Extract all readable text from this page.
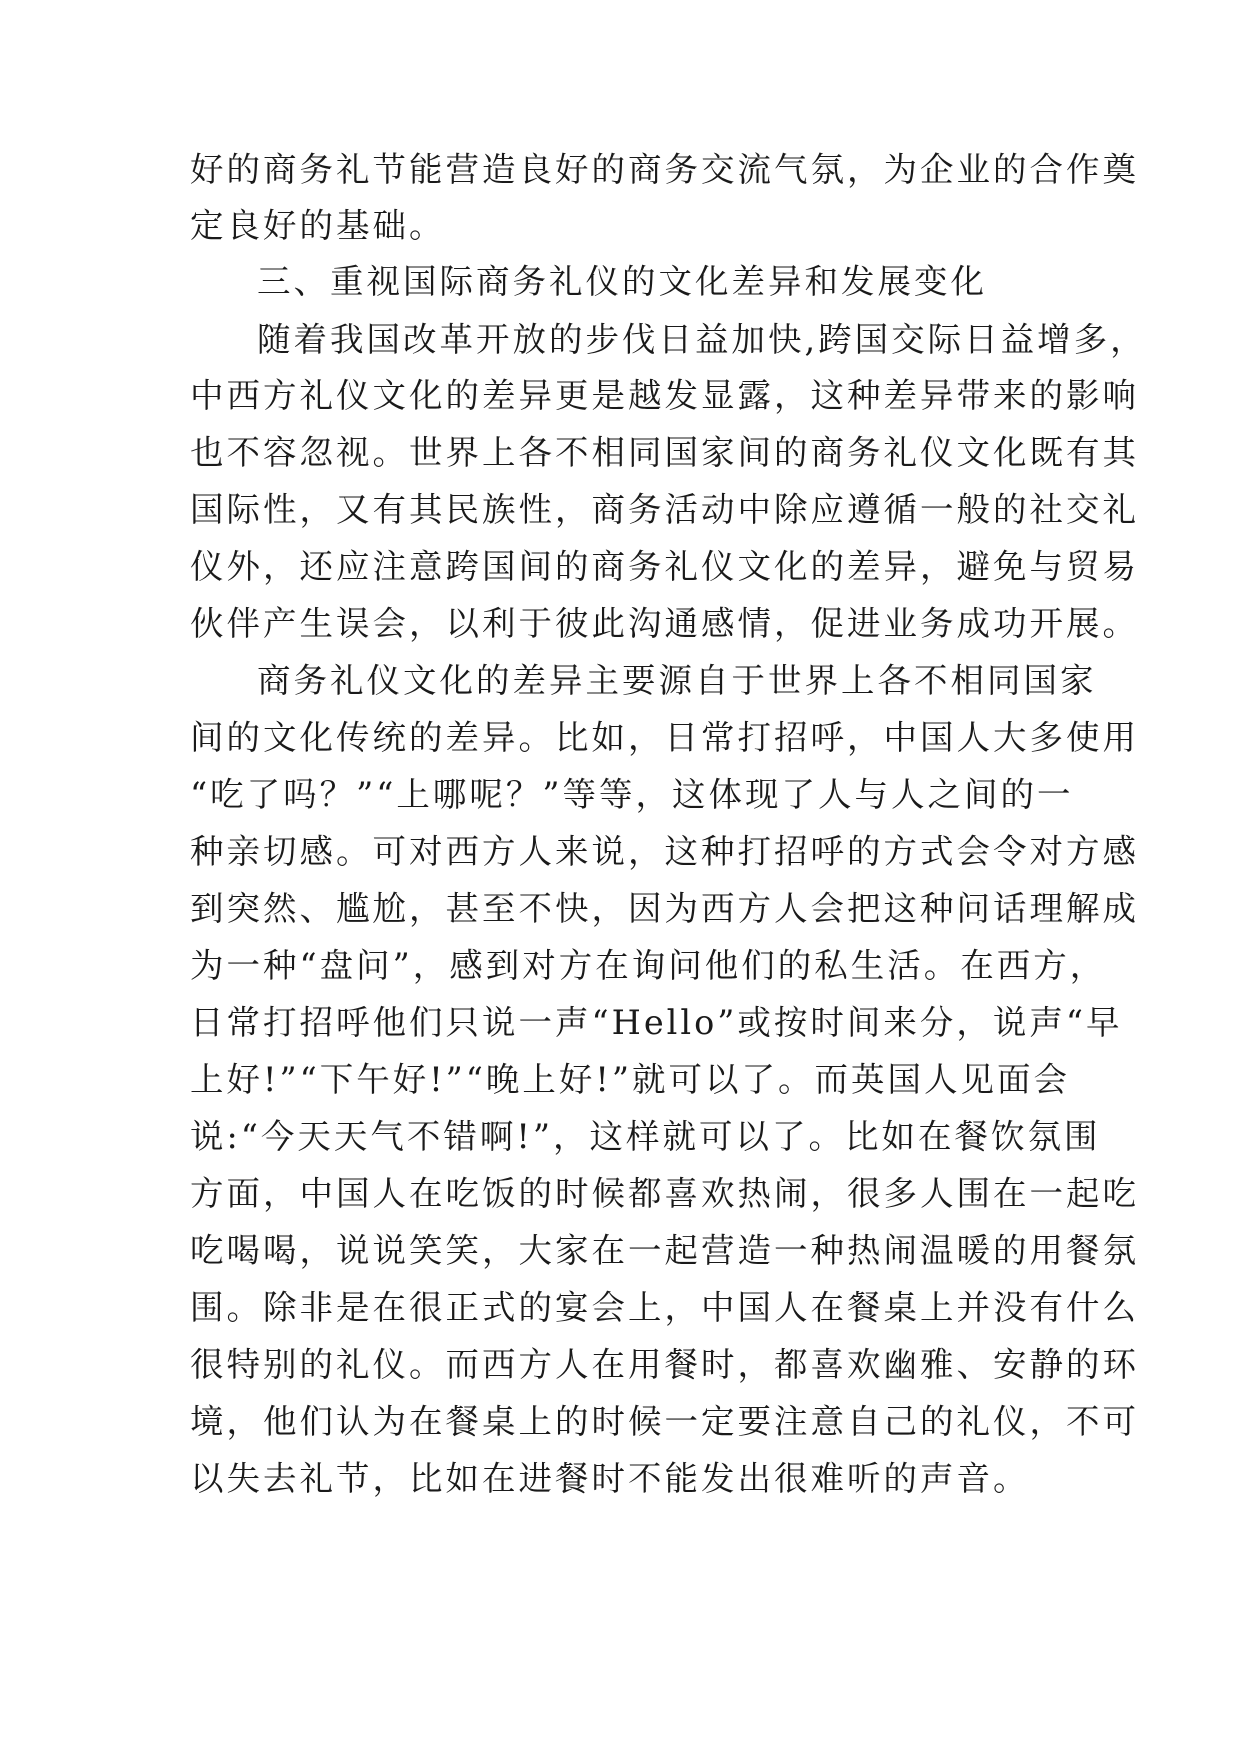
好的商务礼节能营造良好的商务交流气氛，为企业的合作奠
定良好的基础。
三、重视国际商务礼仪的文化差异和发展变化
随着我国改革开放的步伐日益加快,跨国交际日益增多，
中西方礼仪文化的差异更是越发显露，这种差异带来的影响
也不容忽视。世界上各不相同国家间的商务礼仪文化既有其
国际性，又有其民族性，商务活动中除应遵循一般的社交礼
仪外，还应注意跨国间的商务礼仪文化的差异，避免与贸易
伙伴产生误会，以利于彼此沟通感情，促进业务成功开展。
商务礼仪文化的差异主要源自于世界上各不相同国家
间的文化传统的差异。比如，日常打招呼，中国人大多使用
“吃了吗？”“上哪呢？”等等，这体现了人与人之间的一
种亲切感。可对西方人来说，这种打招呼的方式会令对方感
到突然、尴尬，甚至不快，因为西方人会把这种问话理解成
为一种“盘问”，感到对方在询问他们的私生活。在西方，
日常打招呼他们只说一声“Hello”或按时间来分，说声“早
上好!”“下午好!”“晚上好!”就可以了。而英国人见面会
说:“今天天气不错啊!”，这样就可以了。比如在餐饮氛围
方面，中国人在吃饭的时候都喜欢热闹，很多人围在一起吃
吃喝喝，说说笑笑，大家在一起营造一种热闹温暖的用餐氛
围。除非是在很正式的宴会上，中国人在餐桌上并没有什么
很特别的礼仪。而西方人在用餐时，都喜欢幽雅、安静的环
境，他们认为在餐桌上的时候一定要注意自己的礼仪，不可
以失去礼节，比如在进餐时不能发出很难听的声音。
